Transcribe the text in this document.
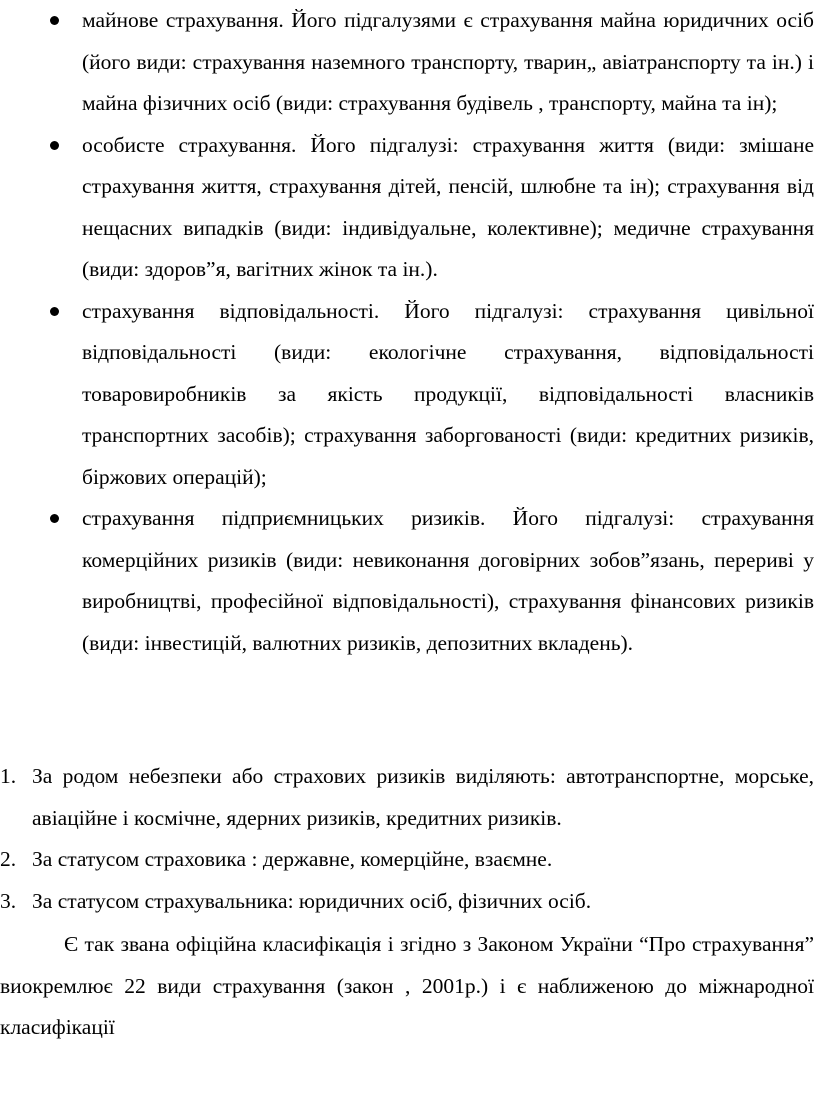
майнове страхування. Його підгалузями є страхування майна юридичних осіб (його види: страхування наземного транспорту, тварин„ авіатранспорту та ін.) і майна фізичних осіб (види: страхування будівель , транспорту, майна та ін);
особисте страхування. Його підгалузі: страхування життя (види: змішане страхування життя, страхування дітей, пенсій, шлюбне та ін); страхування від нещасних випадків (види: індивідуальне, колективне); медичне страхування (види: здоров”я, вагітних жінок та ін.).
страхування відповідальності. Його підгалузі: страхування цивільної відповідальності (види: екологічне страхування, відповідальності товаровиробників за якість продукції, відповідальності власників транспортних засобів); страхування заборгованості (види: кредитних ризиків, біржових операцій);
страхування підприємницьких ризиків. Його підгалузі: страхування комерційних ризиків (види: невиконання договірних зобов”язань, перериві у виробництві, професійної відповідальності), страхування фінансових ризиків (види: інвестицій, валютних ризиків, депозитних вкладень).
1. За родом небезпеки або страхових ризиків виділяють: автотранспортне, морське, авіаційне і космічне, ядерних ризиків, кредитних ризиків.
2. За статусом страховика : державне, комерційне, взаємне.
3. За статусом страхувальника: юридичних осіб, фізичних осіб.

Є так звана офіційна класифікація і згідно з Законом України “Про страхування” виокремлює 22 види страхування (закон , 2001р.) і є наближеною до міжнародної класифікації
